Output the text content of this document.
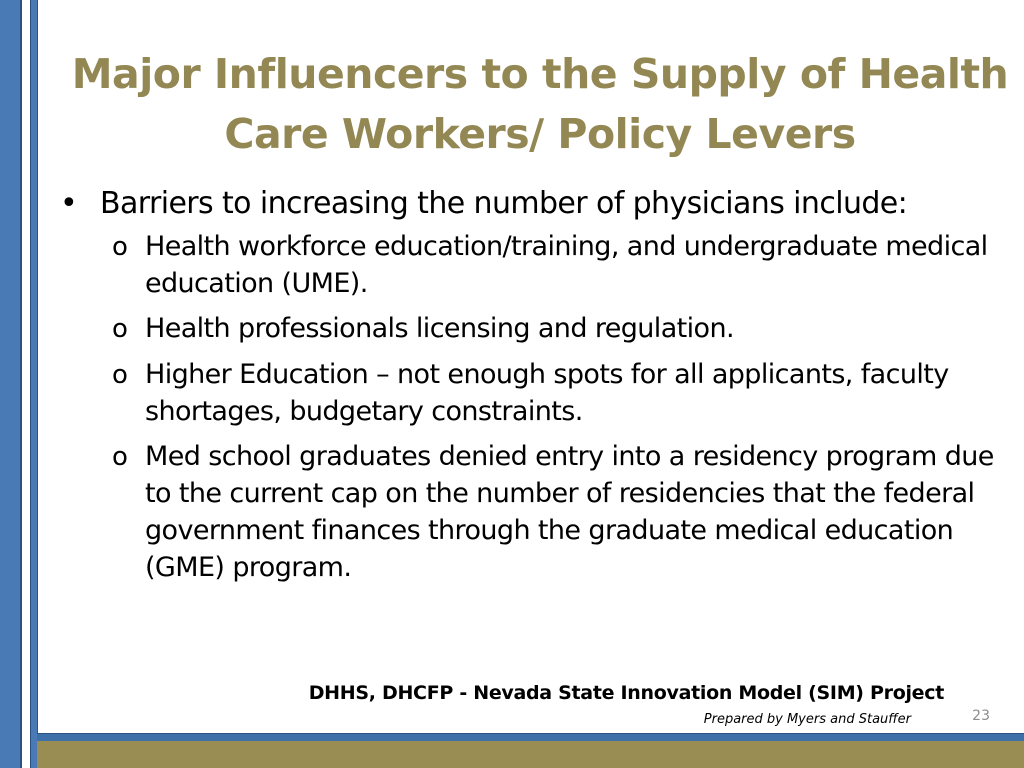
Major Influencers to the Supply of Health Care Workers/ Policy Levers
• Barriers to increasing the number of physicians include:
o Health workforce education/training, and undergraduate medical education (UME).
o Health professionals licensing and regulation.
o Higher Education – not enough spots for all applicants, faculty shortages, budgetary constraints.
o Med school graduates denied entry into a residency program due to the current cap on the number of residencies that the federal government finances through the graduate medical education (GME) program.
DHHS, DHCFP - Nevada State Innovation Model (SIM) Project
Prepared by Myers and Stauffer	23
